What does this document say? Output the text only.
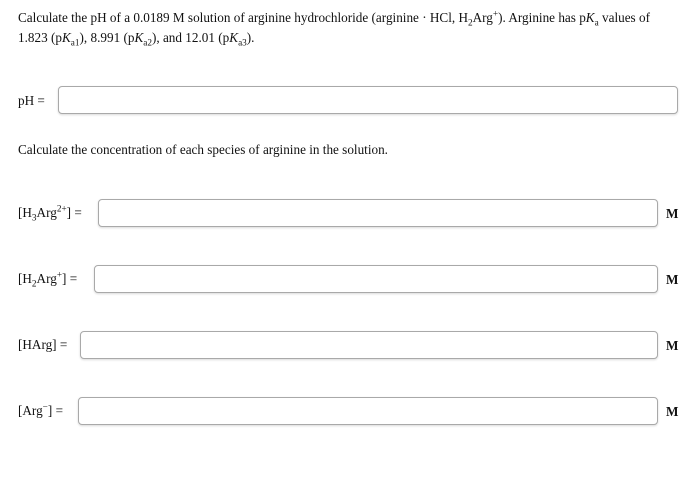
Calculate the pH of a 0.0189 M solution of arginine hydrochloride (arginine · HCl, $H_2Arg^+$). Arginine has $pK_a$ values of

1.823 $(pK_{a1})$, 8.991 $(pK_{a2})$, and 12.01 $(pK_{a3})$.

pH =
Calculate the concentration of each species of arginine in the solution.
$[H_3Arg^{2+}]$ =	M
$[H_2Arg^+]$ =	M
[HArg] =	M
[Arg−] =	M
